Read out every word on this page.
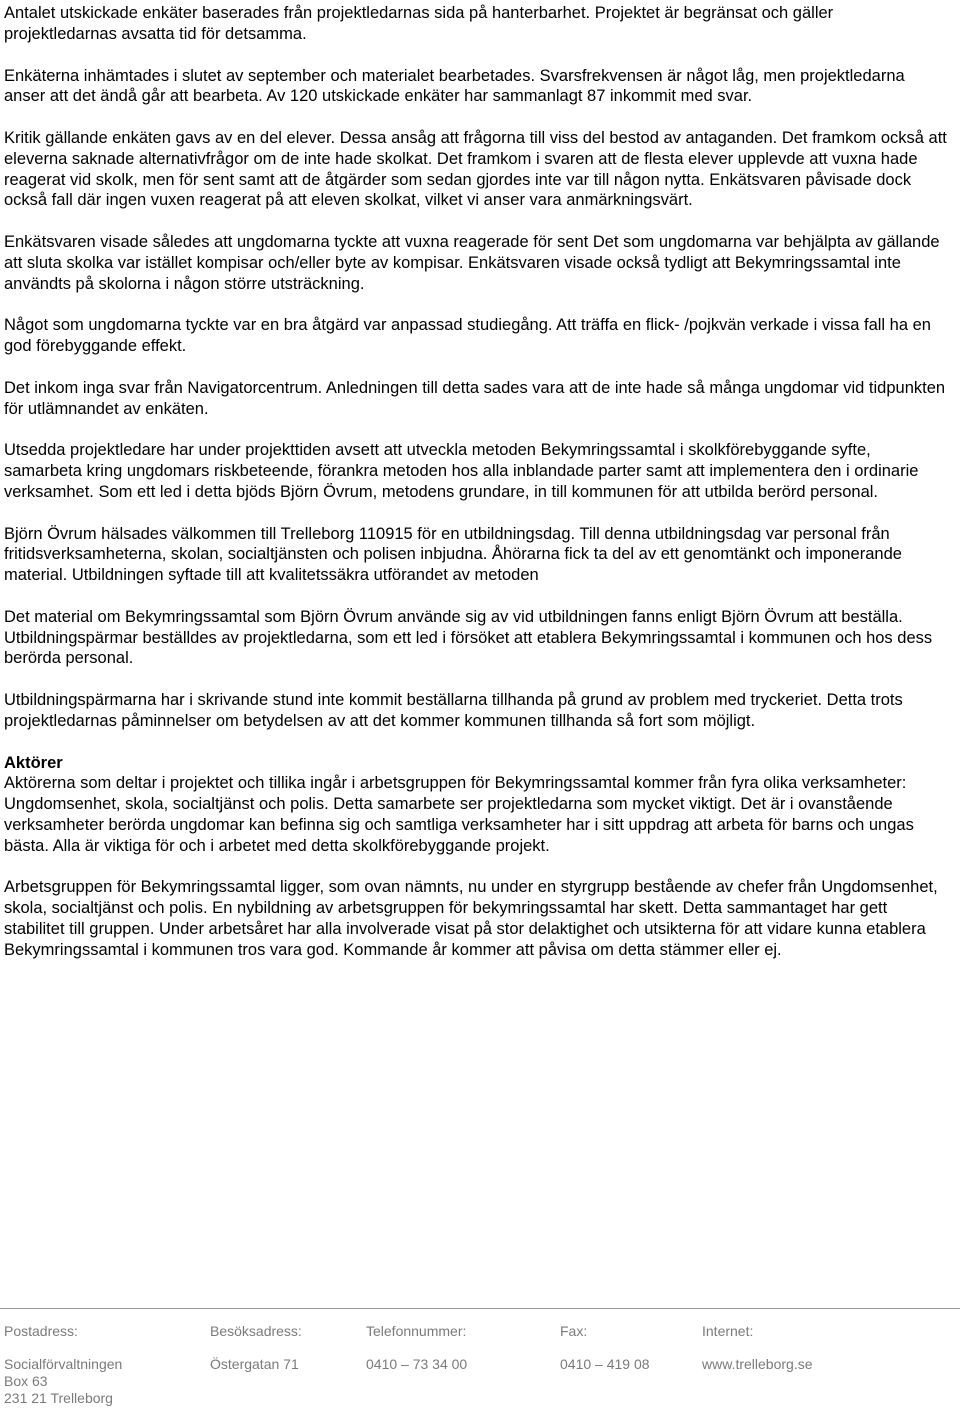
Antalet utskickade enkäter baserades från projektledarnas sida på hanterbarhet. Projektet är begränsat och gäller projektledarnas avsatta tid för detsamma.

Enkäterna inhämtades i slutet av september och materialet bearbetades. Svarsfrekvensen är något låg, men projektledarna anser att det ändå går att bearbeta. Av 120 utskickade enkäter har sammanlagt 87 inkommit med svar.

Kritik gällande enkäten gavs av en del elever. Dessa ansåg att frågorna till viss del bestod av antaganden. Det framkom också att eleverna saknade alternativfrågor om de inte hade skolkat. Det framkom i svaren att de flesta elever upplevde att vuxna hade reagerat vid skolk, men för sent samt att de åtgärder som sedan gjordes inte var till någon nytta. Enkätsvaren påvisade dock också fall där ingen vuxen reagerat på att eleven skolkat, vilket vi anser vara anmärkningsvärt.

Enkätsvaren visade således att ungdomarna tyckte att vuxna reagerade för sent Det som ungdomarna var behjälpta av gällande att sluta skolka var istället kompisar och/eller byte av kompisar. Enkätsvaren visade också tydligt att Bekymringssamtal inte användts på skolorna i någon större utsträckning.

Något som ungdomarna tyckte var en bra åtgärd var anpassad studiegång. Att träffa en flick- /pojkvän verkade i vissa fall ha en god förebyggande effekt.

Det inkom inga svar från Navigatorcentrum. Anledningen till detta sades vara att de inte hade så många ungdomar vid tidpunkten för utlämnandet av enkäten.

Utsedda projektledare har under projekttiden avsett att utveckla metoden Bekymringssamtal i skolkförebyggande syfte, samarbeta kring ungdomars riskbeteende, förankra metoden hos alla inblandade parter samt att implementera den i ordinarie verksamhet. Som ett led i detta bjöds Björn Övrum, metodens grundare, in till kommunen för att utbilda berörd personal.

Björn Övrum hälsades välkommen till Trelleborg 110915 för en utbildningsdag. Till denna utbildningsdag var personal från fritidsverksamheterna, skolan, socialtjänsten och polisen inbjudna. Åhörarna fick ta del av ett genomtänkt och imponerande material. Utbildningen syftade till att kvalitetssäkra utförandet av metoden

Det material om Bekymringssamtal som Björn Övrum använde sig av vid utbildningen fanns enligt Björn Övrum att beställa. Utbildningspärmar beställdes av projektledarna, som ett led i försöket att etablera Bekymringssamtal i kommunen och hos dess berörda personal.

Utbildningspärmarna har i skrivande stund inte kommit beställarna tillhanda på grund av problem med tryckeriet. Detta trots projektledarnas påminnelser om betydelsen av att det kommer kommunen tillhanda så fort som möjligt.

Aktörer

Aktörerna som deltar i projektet och tillika ingår i arbetsgruppen för Bekymringssamtal kommer från fyra olika verksamheter: Ungdomsenhet, skola, socialtjänst och polis. Detta samarbete ser projektledarna som mycket viktigt. Det är i ovanstående verksamheter berörda ungdomar kan befinna sig och samtliga verksamheter har i sitt uppdrag att arbeta för barns och ungas bästa. Alla är viktiga för och i arbetet med detta skolkförebyggande projekt.

Arbetsgruppen för Bekymringssamtal ligger, som ovan nämnts, nu under en styrgrupp bestående av chefer från Ungdomsenhet, skola, socialtjänst och polis. En nybildning av arbetsgruppen för bekymringssamtal har skett. Detta sammantaget har gett stabilitet till gruppen. Under arbetsåret har alla involverade visat på stor delaktighet och utsikterna för att vidare kunna etablera Bekymringssamtal i kommunen tros vara god. Kommande år kommer att påvisa om detta stämmer eller ej.

Postadress:
Socialförvaltningen
Box 63
231 21 Trelleborg
Besöksadress:
Östergatan 71
Telefonnummer:
0410 – 73 34 00
Fax:
0410 – 419 08
Internet:
www.trelleborg.se
